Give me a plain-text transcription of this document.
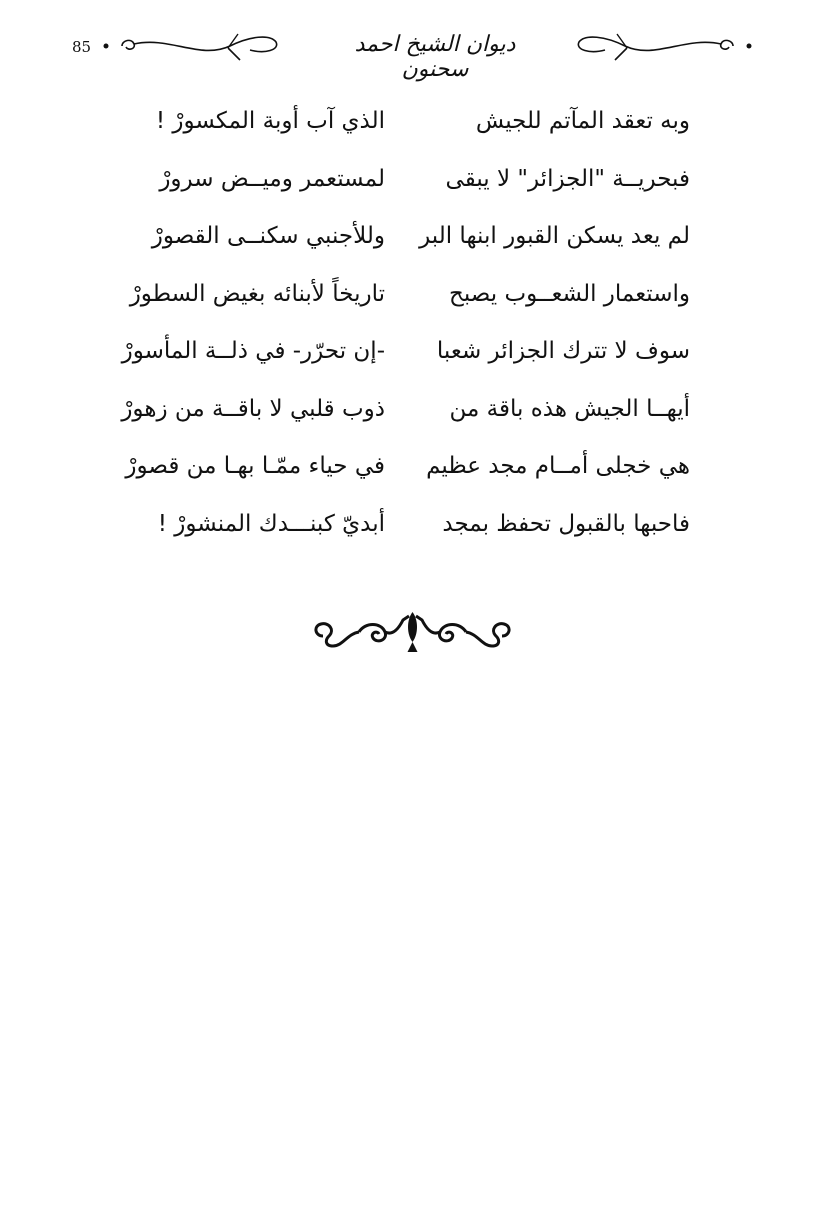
85	ديوان الشيخ احمد سحنون
وبه تعقد المآتم للجيش
الذي آب أوبة المكسورْ !
فبحريــة "الجزائر" لا يبقى
لمستعمر وميــض سرورْ
لم يعد يسكن القبور ابنها البر
وللأجنبي سكنــى القصورْ
واستعمار الشعــوب يصبح
تاريخاً لأبنائه بغيض السطورْ
سوف لا تترك الجزائر شعبا
-إن تحرّر- في ذلــة المأسورْ
أيهــا الجيش هذه باقة من
ذوب قلبي لا باقــة من زهورْ
هي خجلى أمــام مجد عظيم
في حياء ممّـا بهـا من قصورْ
فاحبها بالقبول تحفظ بمجد
أبديّ كبنـــدك المنشورْ !
